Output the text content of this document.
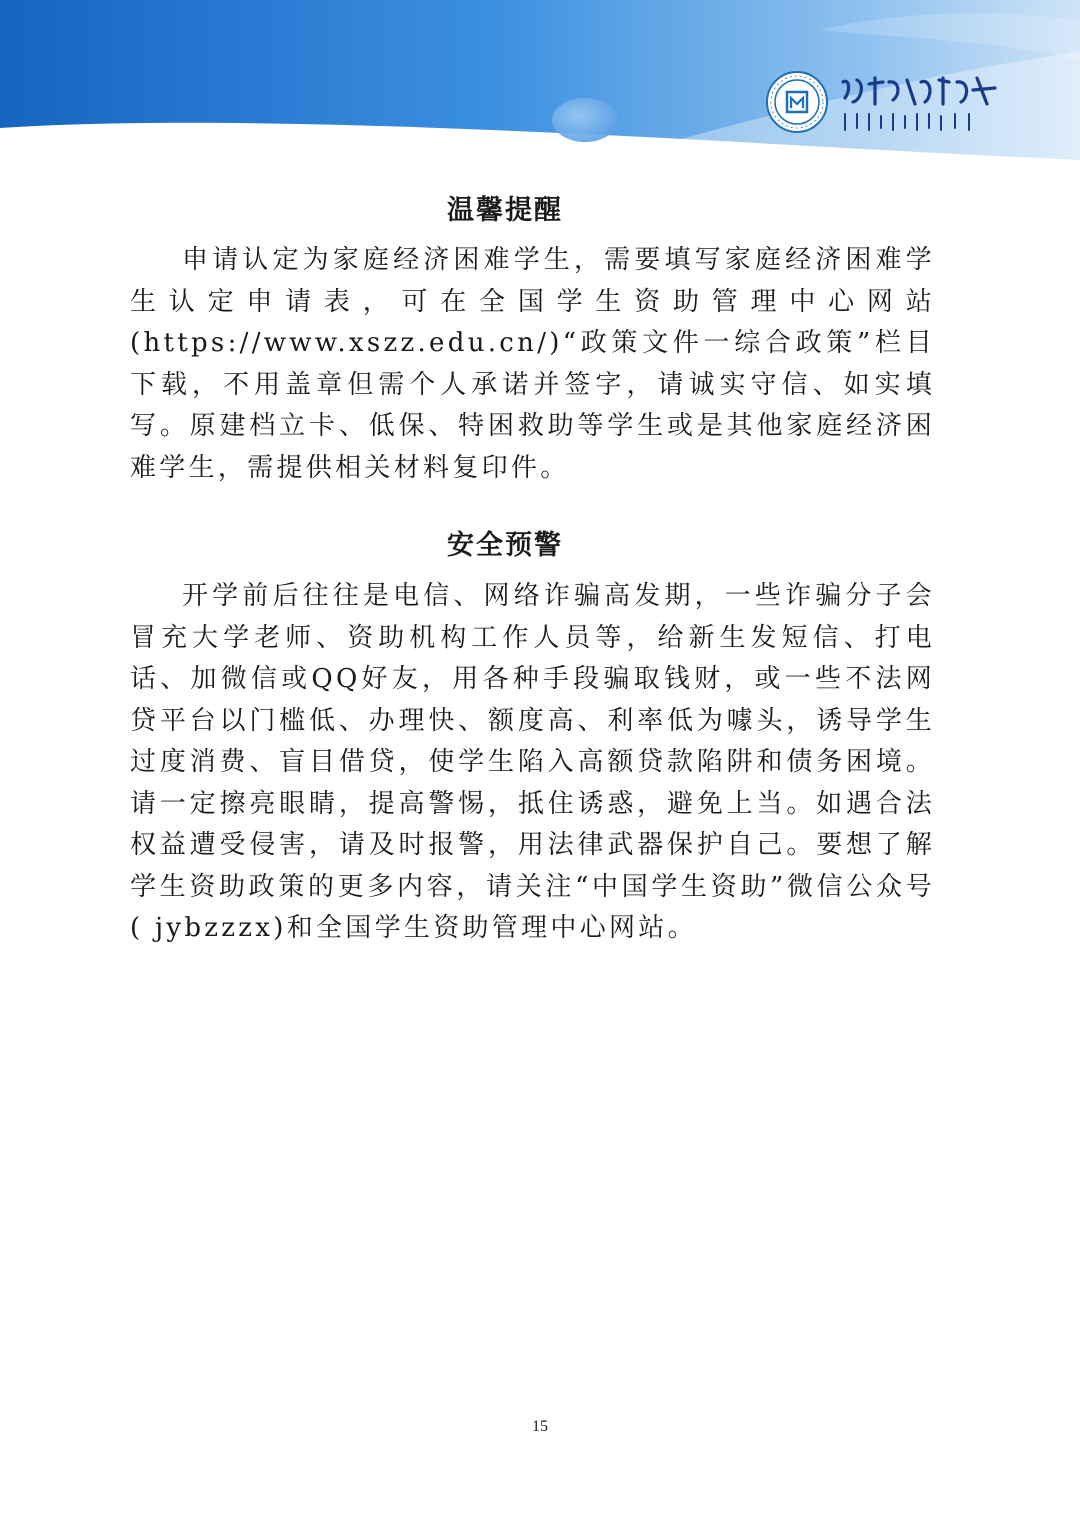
温馨提醒

申请认定为家庭经济困难学生，需要填写家庭经济困难学生认定申请表，可在全国学生资助管理中心网站(https://www.xszz.edu.cn/)“政策文件一综合政策”栏目下载，不用盖章但需个人承诺并签字，请诚实守信、如实填写。原建档立卡、低保、特困救助等学生或是其他家庭经济困难学生，需提供相关材料复印件。

安全预警

开学前后往往是电信、网络诈骗高发期，一些诈骗分子会冒充大学老师、资助机构工作人员等，给新生发短信、打电话、加微信或QQ好友，用各种手段骗取钱财，或一些不法网贷平台以门槛低、办理快、额度高、利率低为噱头，诱导学生过度消费、盲目借贷，使学生陷入高额贷款陷阱和债务困境。请一定擦亮眼睛，提高警惕，抵住诱惑，避免上当。如遇合法权益遭受侵害，请及时报警，用法律武器保护自己。要想了解学生资助政策的更多内容，请关注“中国学生资助”微信公众号( jybzzzx)和全国学生资助管理中心网站。

15
